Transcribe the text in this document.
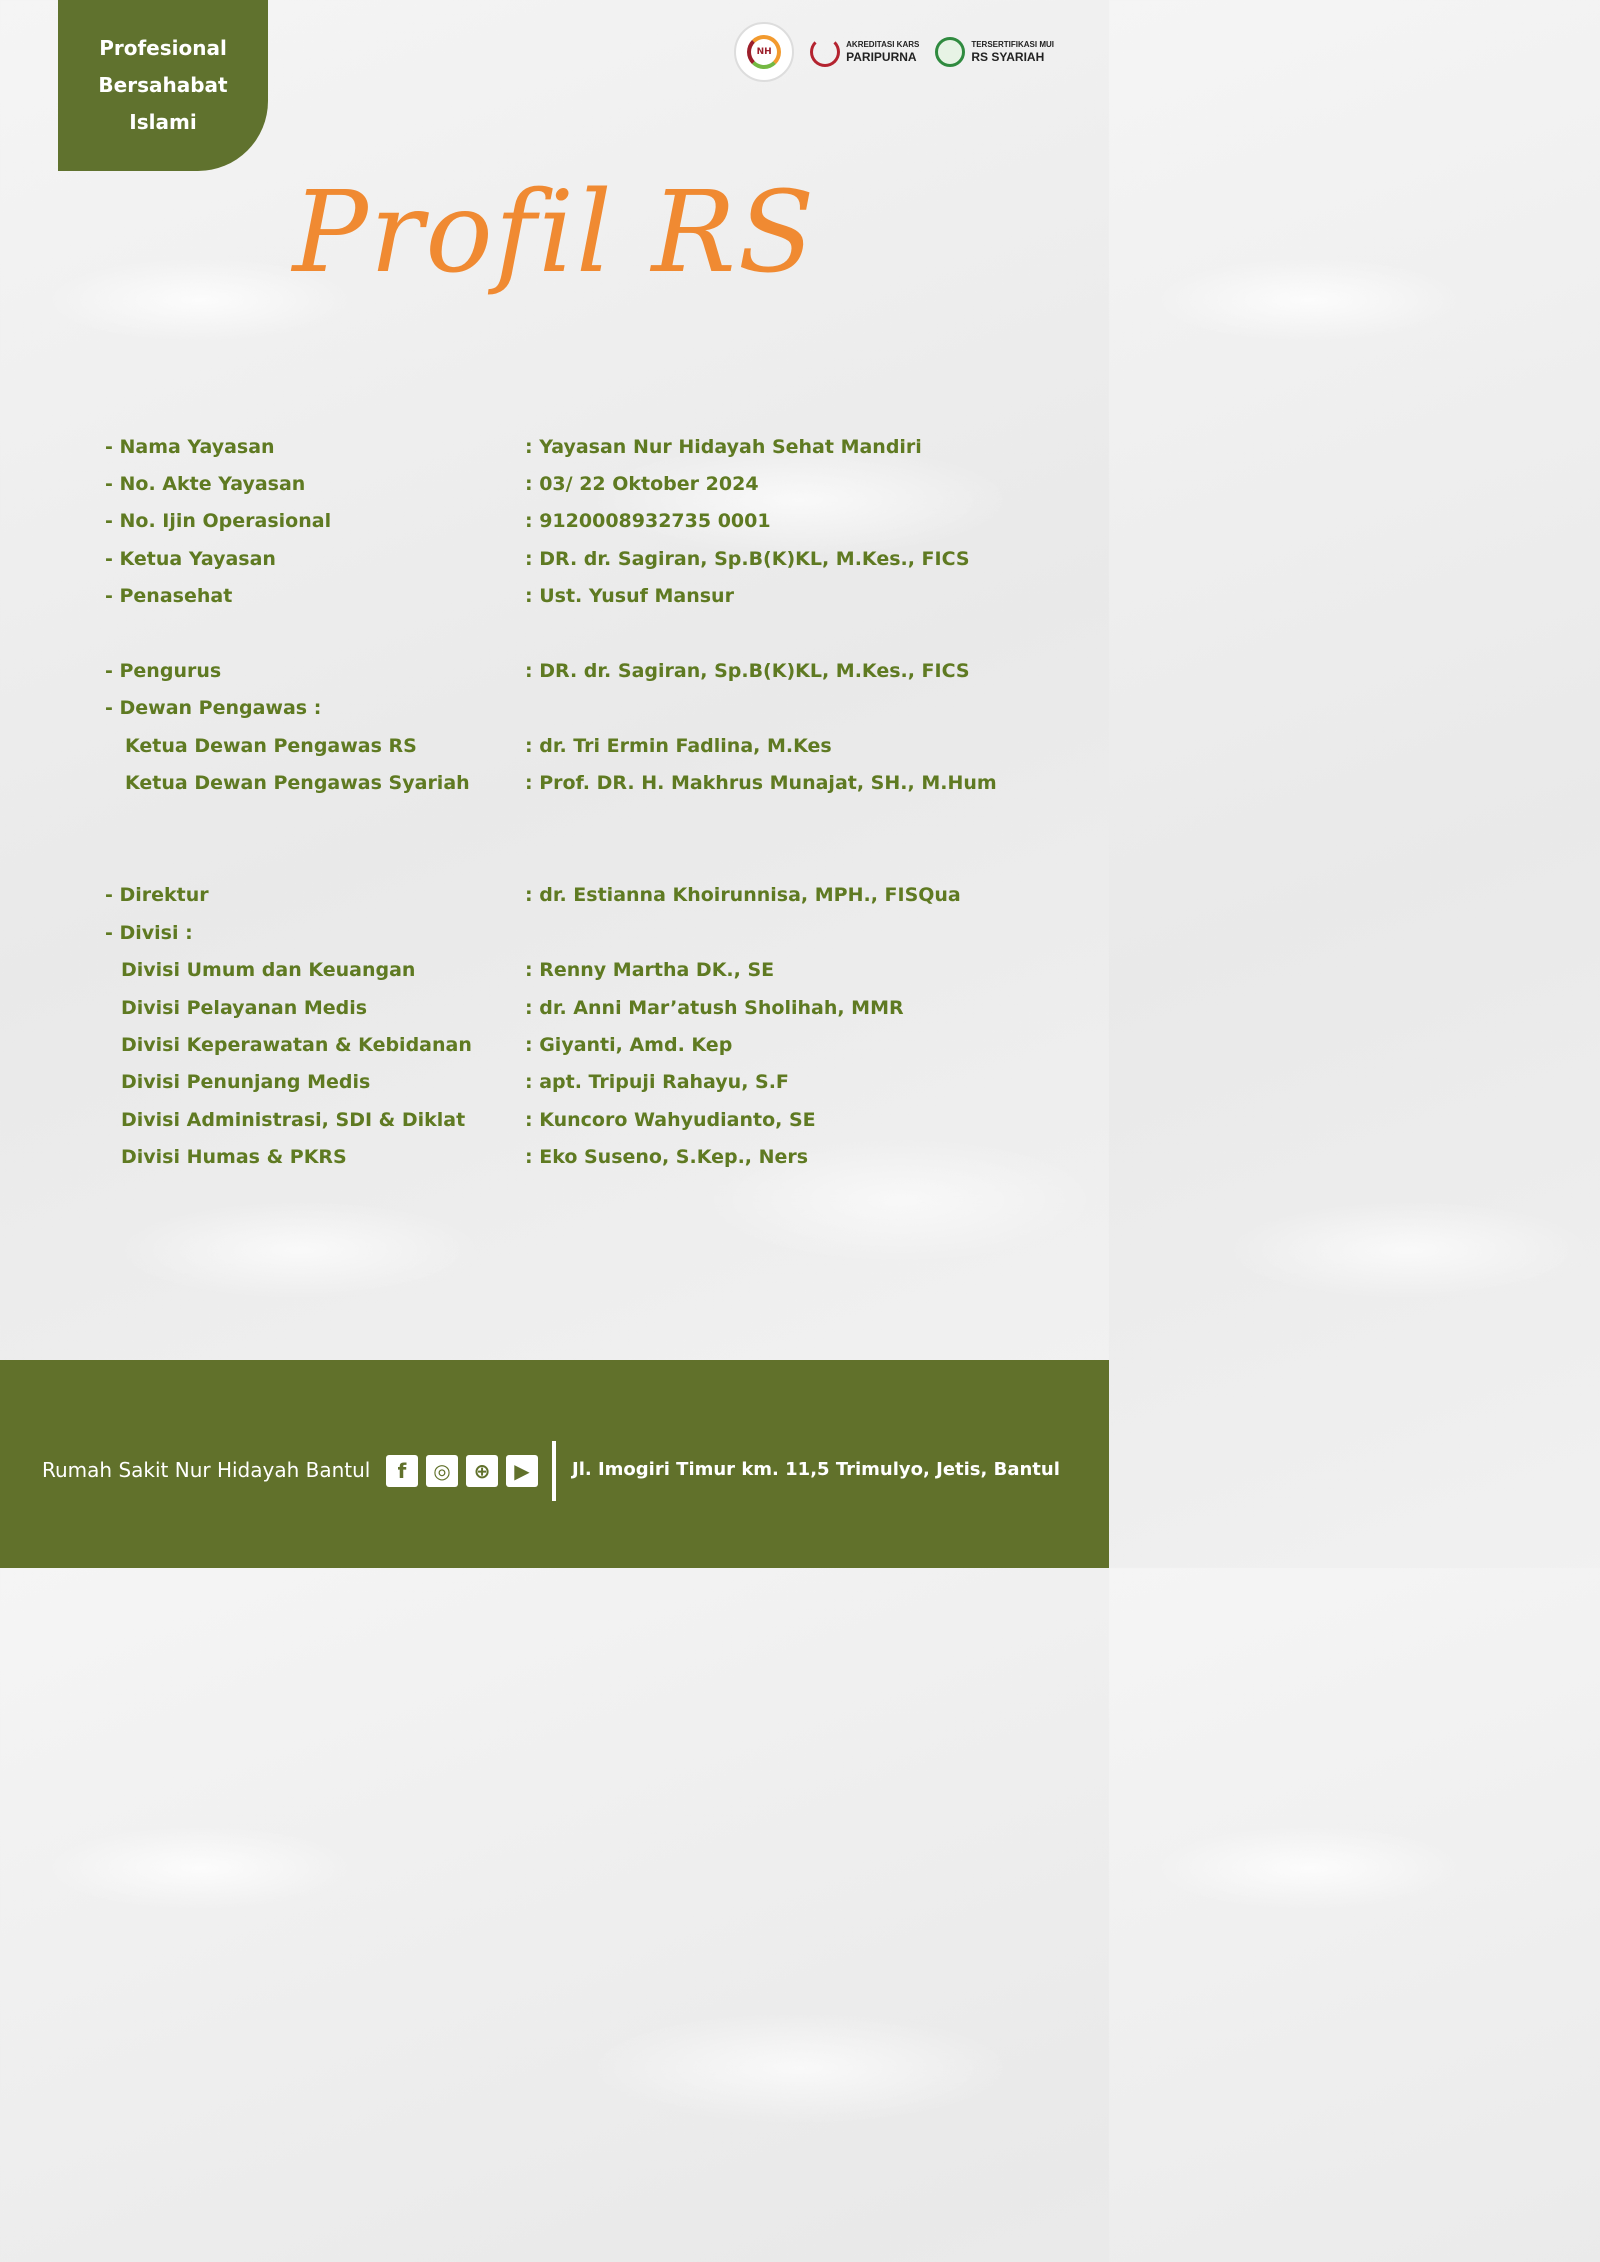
Profesional
Bersahabat
Islami
NH
AKREDITASI KARS
PARIPURNA
TERSERTIFIKASI MUI
RS SYARIAH
Profil RS
- Nama Yayasan	: Yayasan Nur Hidayah Sehat Mandiri
- No. Akte Yayasan	: 03/ 22 Oktober 2024
- No. Ijin Operasional	: 9120008932735 0001
- Ketua Yayasan	: DR. dr. Sagiran, Sp.B(K)KL, M.Kes., FICS
- Penasehat	: Ust. Yusuf Mansur
- Pengurus	: DR. dr. Sagiran, Sp.B(K)KL, M.Kes., FICS
- Dewan Pengawas :
Ketua Dewan Pengawas RS	: dr. Tri Ermin Fadlina, M.Kes
Ketua Dewan Pengawas Syariah	: Prof. DR. H. Makhrus Munajat, SH., M.Hum
- Direktur	: dr. Estianna Khoirunnisa, MPH., FISQua
- Divisi :
Divisi Umum dan Keuangan	: Renny Martha DK., SE
Divisi Pelayanan Medis	: dr. Anni Mar’atush Sholihah, MMR
Divisi Keperawatan & Kebidanan	: Giyanti, Amd. Kep
Divisi Penunjang Medis	: apt. Tripuji Rahayu, S.F
Divisi Administrasi, SDI & Diklat	: Kuncoro Wahyudianto, SE
Divisi Humas & PKRS	: Eko Suseno, S.Kep., Ners
Rumah Sakit Nur Hidayah Bantul	f	◎	⊕	▶	Jl. Imogiri Timur km. 11,5 Trimulyo, Jetis, Bantul
